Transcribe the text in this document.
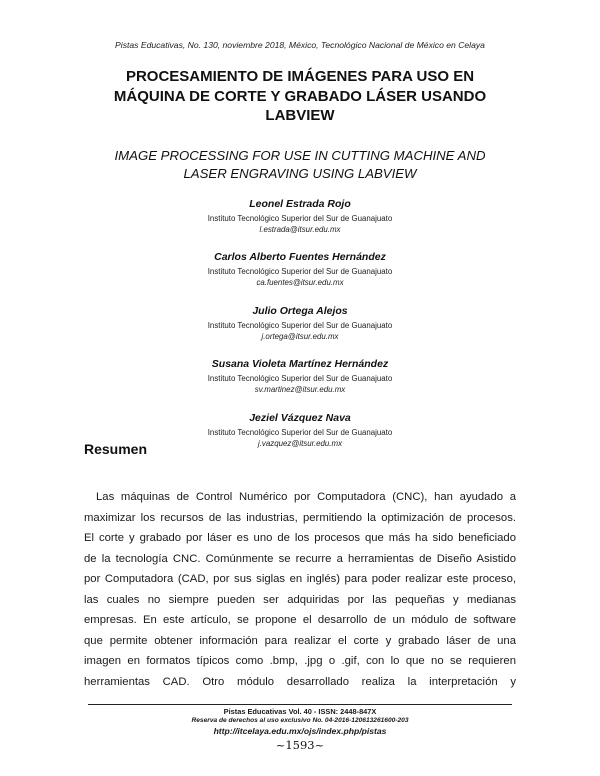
Pistas Educativas, No. 130, noviembre 2018, México, Tecnológico Nacional de México en Celaya
PROCESAMIENTO DE IMÁGENES PARA USO EN
MÁQUINA DE CORTE Y GRABADO LÁSER USANDO
LABVIEW
IMAGE PROCESSING FOR USE IN CUTTING MACHINE AND
LASER ENGRAVING USING LABVIEW
Leonel Estrada Rojo
Instituto Tecnológico Superior del Sur de Guanajuato
l.estrada@itsur.edu.mx
Carlos Alberto Fuentes Hernández
Instituto Tecnológico Superior del Sur de Guanajuato
ca.fuentes@itsur.edu.mx
Julio Ortega Alejos
Instituto Tecnológico Superior del Sur de Guanajuato
j.ortega@itsur.edu.mx
Susana Violeta Martínez Hernández
Instituto Tecnológico Superior del Sur de Guanajuato
sv.martinez@itsur.edu.mx
Jeziel Vázquez Nava
Instituto Tecnológico Superior del Sur de Guanajuato
j.vazquez@itsur.edu.mx
Resumen
Las máquinas de Control Numérico por Computadora (CNC), han ayudado a
maximizar los recursos de las industrias, permitiendo la optimización de procesos.
El corte y grabado por láser es uno de los procesos que más ha sido beneficiado
de la tecnología CNC. Comúnmente se recurre a herramientas de Diseño Asistido
por Computadora (CAD, por sus siglas en inglés) para poder realizar este proceso,
las cuales no siempre pueden ser adquiridas por las pequeñas y medianas
empresas. En este artículo, se propone el desarrollo de un módulo de software
que permite obtener información para realizar el corte y grabado láser de una
imagen en formatos típicos como .bmp, .jpg o .gif, con lo que no se requieren
herramientas CAD. Otro módulo desarrollado realiza la interpretación y
Pistas Educativas Vol. 40 - ISSN: 2448-847X
Reserva de derechos al uso exclusivo No. 04-2016-120613261600-203
http://itcelaya.edu.mx/ojs/index.php/pistas
~1593~
